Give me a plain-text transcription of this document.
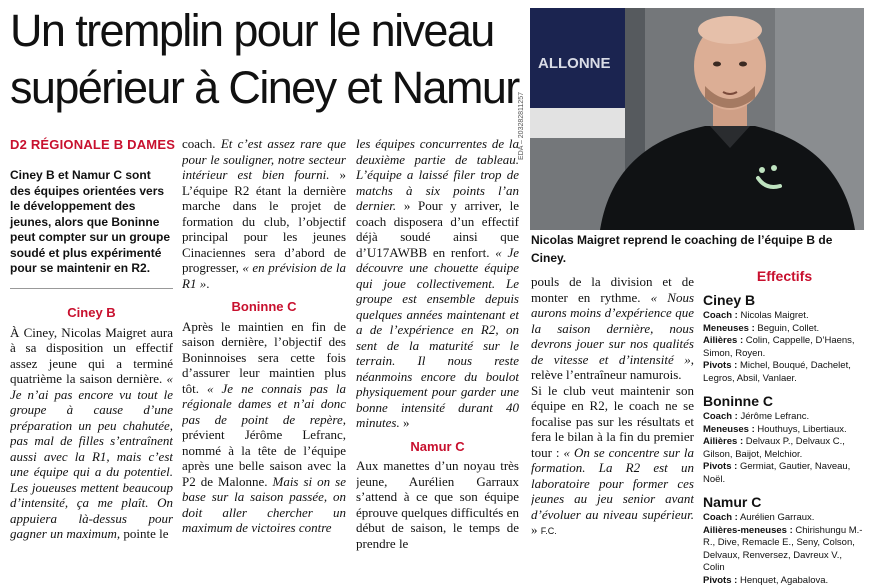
Un tremplin pour le niveau supérieur à Ciney et Namur	ALLONNE
EDA – 203282811257

Nicolas Maigret reprend le coaching de l’équipe B de Ciney.

D2 RÉGIONALE B DAMES

Ciney B et Namur C sont des équipes orientées vers le développement des jeunes, alors que Boninne peut compter sur un groupe soudé et plus expérimenté pour se maintenir en R2.

Ciney B

À Ciney, Nicolas Maigret aura à sa disposition un effectif assez jeune qui a terminé quatrième la saison dernière. « Je n’ai pas encore vu tout le groupe à cause d’une préparation un peu chahutée, pas mal de filles s’entraînent aussi avec la R1, mais c’est une équipe qui a du potentiel. Les joueuses mettent beaucoup d’intensité, ça me plaît. On appuiera là-dessus pour gagner un maximum, pointe le

coach. Et c’est assez rare que pour le souligner, notre secteur intérieur est bien fourni. » L’équipe R2 étant la dernière marche dans le projet de formation du club, l’objectif principal pour les jeunes Cinaciennes sera d’abord de progresser, « en prévision de la R1 ».

Boninne C

Après le maintien en fin de saison dernière, l’objectif des Boninnoises sera cette fois d’assurer leur maintien plus tôt. « Je ne connais pas la régionale dames et n’ai donc pas de point de repère, prévient Jérôme Lefranc, nommé à la tête de l’équipe après une belle saison avec la P2 de Malonne. Mais si on se base sur la saison passée, on doit aller chercher un maximum de victoires contre

les équipes concurrentes de la deuxième partie de tableau. L’équipe a laissé filer trop de matchs à six points l’an dernier. » Pour y arriver, le coach disposera d’un effectif déjà soudé ainsi que d’U17AWBB en renfort. « Je découvre une chouette équipe qui joue collectivement. Le groupe est ensemble depuis quelques années maintenant et a de l’expérience en R2, on sent de la maturité sur le terrain. Il nous reste néanmoins encore du boulot physiquement pour garder une bonne intensité durant 40 minutes. »

Namur C

Aux manettes d’un noyau très jeune, Aurélien Garraux s’attend à ce que son équipe éprouve quelques difficultés en début de saison, le temps de prendre le

pouls de la division et de monter en rythme. « Nous aurons moins d’expérience que la saison dernière, nous devrons jouer sur nos qualités de vitesse et d’intensité », relève l’entraîneur namurois.

Si le club veut maintenir son équipe en R2, le coach ne se focalise pas sur les résultats et fera le bilan à la fin du premier tour : « On se concentre sur la formation. La R2 est un laboratoire pour former ces jeunes au jeu senior avant d’évoluer au niveau supérieur. » F.C.

Effectifs

Ciney B

Coach : Nicolas Maigret.

Meneuses : Beguin, Collet.

Ailières : Colin, Cappelle, D’Haens, Simon, Royen.

Pivots : Michel, Bouqué, Dachelet, Legros, Absil, Vanlaer.

Boninne C

Coach : Jérôme Lefranc.

Meneuses : Houthuys, Libertiaux.

Ailières : Delvaux P., Delvaux C., Gilson, Baijot, Melchior.

Pivots : Germiat, Gautier, Naveau, Noël.

Namur C

Coach : Aurélien Garraux.

Ailières-meneuses : Chirishungu M.-R., Dive, Remacle E., Seny, Colson, Delvaux, Renversez, Davreux V., Colin

Pivots : Henquet, Agabalova.
